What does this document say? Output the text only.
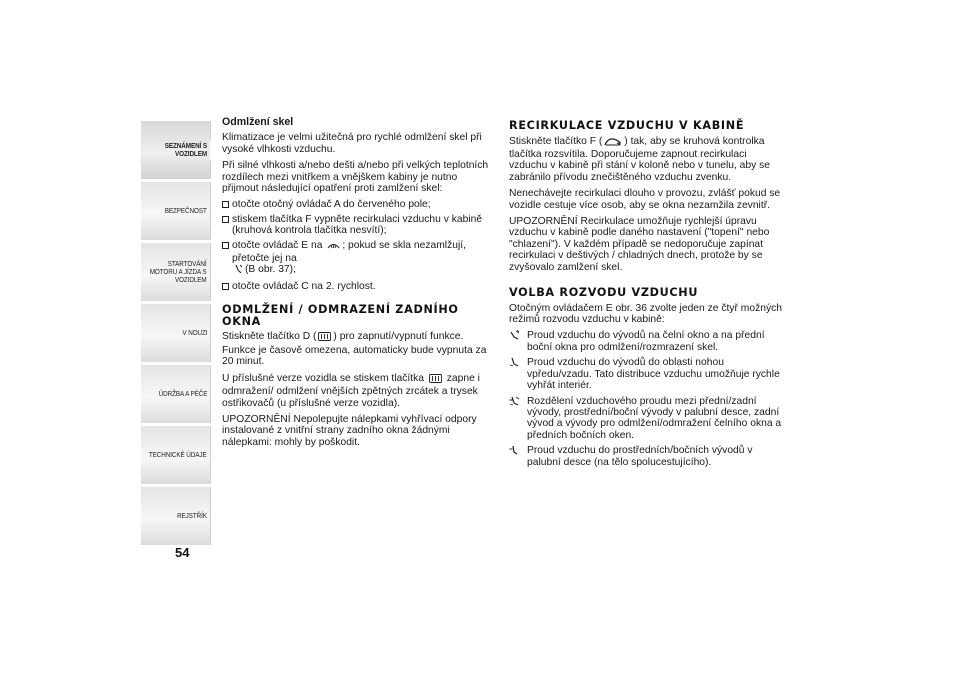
SEZNÁMENÍ S
VOZIDLEM
BEZPEČNOST
STARTOVÁNÍ
MOTORU A JÍZDA S
VOZIDLEM
V NOUZI
ÚDRŽBA A PÉČE
TECHNICKÉ ÚDAJE
REJSTŘÍK
54
Odmlžení skel

Klimatizace je velmi užitečná pro rychlé odmlžení skel při vysoké vlhkosti vzduchu.

Při silné vlhkosti a/nebo dešti a/nebo při velkých teplotních rozdílech mezi vnitřkem a vnějškem kabiny je nutno přijmout následující opatření proti zamlžení skel:

otočte otočný ovládač A do červeného pole;
stiskem tlačítka F vypněte recirkulaci vzduchu v kabině (kruhová kontrola tlačítka nesvítí);
otočte ovládač E na ; pokud se skla nezamlžují, přetočte jej na
(B obr. 37);
otočte ovládač C na 2. rychlost.
ODMLŽENÍ / ODMRAZENÍ ZADNÍHO OKNA

Stiskněte tlačítko D ( ) pro zapnutí/vypnutí funkce. Funkce je časově omezena, automaticky bude vypnuta za 20 minut.

U příslušné verze vozidla se stiskem tlačítka zapne i odmražení/ odmlžení vnějších zpětných zrcátek a trysek ostřikovačů (u příslušné verze vozidla).

UPOZORNĚNÍ Nepolepujte nálepkami vyhřívací odpory instalované z vnitřní strany zadního okna žádnými nálepkami: mohly by poškodit.

RECIRKULACE VZDUCHU V KABINĚ

Stiskněte tlačítko F ( ) tak, aby se kruhová kontrolka tlačítka rozsvítila. Doporučujeme zapnout recirkulaci vzduchu v kabině při stání v koloně nebo v tunelu, aby se zabránilo přívodu znečištěného vzduchu zvenku.

Nenechávejte recirkulaci dlouho v provozu, zvlášť pokud se vozidle cestuje více osob, aby se okna nezamžila zevnitř.

UPOZORNĚNÍ Recirkulace umožňuje rychlejší úpravu vzduchu v kabině podle daného nastavení ("topení" nebo "chlazení"). V každém případě se nedoporučuje zapínat recirkulaci v deštivých / chladných dnech, protože by se zvyšovalo zamlžení skel.

VOLBA ROZVODU VZDUCHU

Otočným ovládačem E obr. 36 zvolte jeden ze čtyř možných režimů rozvodu vzduchu v kabině:

Proud vzduchu do vývodů na čelní okno a na přední boční okna pro odmlžení/rozmrazení skel.
Proud vzduchu do vývodů do oblasti nohou vpředu/vzadu. Tato distribuce vzduchu umožňuje rychle vyhřát interiér.
Rozdělení vzduchového proudu mezi přední/zadní vývody, prostřední/boční vývody v palubní desce, zadní vývod a vývody pro odmlžení/odmražení čelního okna a předních bočních oken.
Proud vzduchu do prostředních/bočních vývodů v palubní desce (na tělo spolucestujícího).
